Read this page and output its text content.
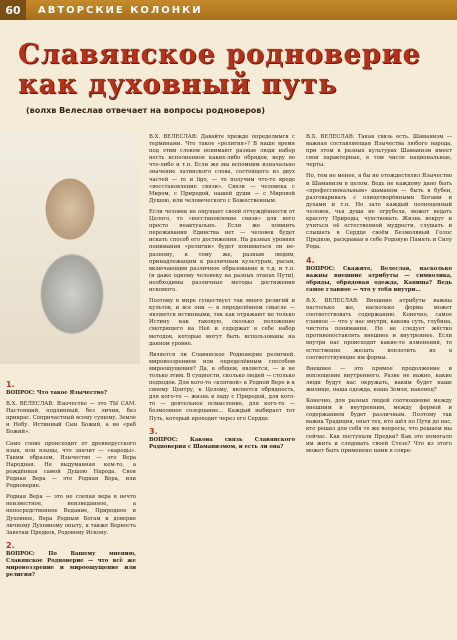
60	АВТОРСКИЕ КОЛОНКИ
Славянское родноверие как духовный путь
(волхв Велеслав отвечает на вопросы родноверов)
1.

ВОПРОС: Что такое Язычество?

В.Х. ВЕЛЕСЛАВ: Язычество — это ТЫ САМ. Настоящий, подлинный, без личин, без прикрас. Сопричастный всему сущему, Земле и Небу. Истинный Сын Божий, а не «раб Божий».

Само слово происходит от древнерусского язык, или языцы, что значит — «народы». Таким образом, Язычество — это Вера Народная. Не выдуманная кем-то, а рождённая самой Душою Народа. Своя Родная Вера — это Родная Вера, или Родноверие.

Родная Вера — это не слепая вера в нечто неизвестное, неизведанное, а непосредственное Ведание, Природное и Духовное, Вера Родным Богам и доверие личному Духовному опыту, а также Верность Заветам Предков, Родовому Искону.

2.

ВОПРОС: По Вашему мнению, Славянское Родноверие — что всё же мировоззрение и мироощущение или религия?

В.Х. ВЕЛЕСЛАВ: Давайте прежде определимся с терминами. Что такое «религия»? В наше время под этим словом понимают разные люди набор несть исполненное каких-либо обрядов, веру во что-либо и т.п. Если же мы вспомним изначально значение латинского слова, состоящего из двух частей — re и ligo, — то получим что-то вроде «восстановление связи». Связи — человека с Миром, с Природой, нашей души — с Мировой Душою, или человеческого с Божественным.

Если человек не ощущает своей отчуждённости от Целого, то «восстановление связи» для него просто неактуально. Если же помнить переживания Единства нет — человек будет искать способ его достижения. На разных уровнях понимания «религии» будет пониматься ли не-разному, к тому же, разным людям, принадлежащим к различным культурам, расам, включающим различное образование и т.д. и т.п. (и даже одному человеку на разных этапах Пути), необходимы различные методы достижения искомого.

Поэтому в мире существует так много религий и культов, и все они — в определённом смысле — являются истинными, так как отражают не только Истину как таковую, сколько положение смотрящего на Неё и содержат в себе набор методов, которые могут быть использованы на данном уровне.

Является ли Славянское Родноверие религией, мировоззрением или определённым способом мироощущения? Да, в общем, является, — и не только этим. В сущности, сколько людей — столько подходов. Для кого-то «клятвой» к Родной Вере и к своему Центру, к Целому, является обрядность, для кого-то — жизнь в ладу с Природой, для кого-то — деятельное осмысление, для кого-то — безмолвное созерцание... Каждый выбирает тот Путь, который проходит через его Сердце.

3.

ВОПРОС: Какова связь Славянского Родноверия с Шаманизмом, и есть ли она?

В.Х. ВЕЛЕСЛАВ: Такая связь есть. Шаманизм — важная составляющая Язычества любого народа, при этом в разных культурах Шаманизм имеет свои характерные, в том числе национальные, черты.

Но, тем не менее, я бы не отождествлял Язычество и Шаманизм в целом. Ведь не каждому дано быть «профессиональным» шаманом — быть в бубен, разговаривать с олицетворёнными Богами и духами и т.п. Но зато каждый полноценный человек, чья душа не огрубела, может ведать красоту Природы, чувствовать Жизнь вокруг и учиться её естественной мудрости, слушать и слышать в Сердце своём Безмолвный Голос Предков, раскрывая в себе Родовую Память и Силу Рода.

4.

ВОПРОС: Скажите, Велеслав, насколько важны внешние атрибуты — символика, обряды, обрядовая одежда, Капища? Ведь самое главное — что у тебя внутри...

В.Х. ВЕЛЕСЛАВ: Внешние атрибуты важны настолько же, насколько форма может соответствовать содержанию. Конечно, самое главное — что у нас внутри, какова суть, глубина, чистота понимания. Но не следует жёстко противопоставлять внешнее и внутреннее. Если внутри нас происходят какие-то изменения, то естественно желать воплотить их в соответствующие им формы.

Внешнее — это прямое продолжение и воплощение внутреннего. Разве не важно, какие люди будут нас окружать, каким будет наше жилище, наша одежда, наша Земля, наконец?

Конечно, для разных людей соотношение между внешним и внутренним, между формой и содержанием будет различным. Поэтому так важна Традиция, опыт тех, кто шёл по Пути до нас, кто решал для себя те же вопросы, что решаем мы сейчас. Как поступали Предки? Как это помогало им жить и следовать своей Стезе? Что из этого может быть применено нами в совре-
